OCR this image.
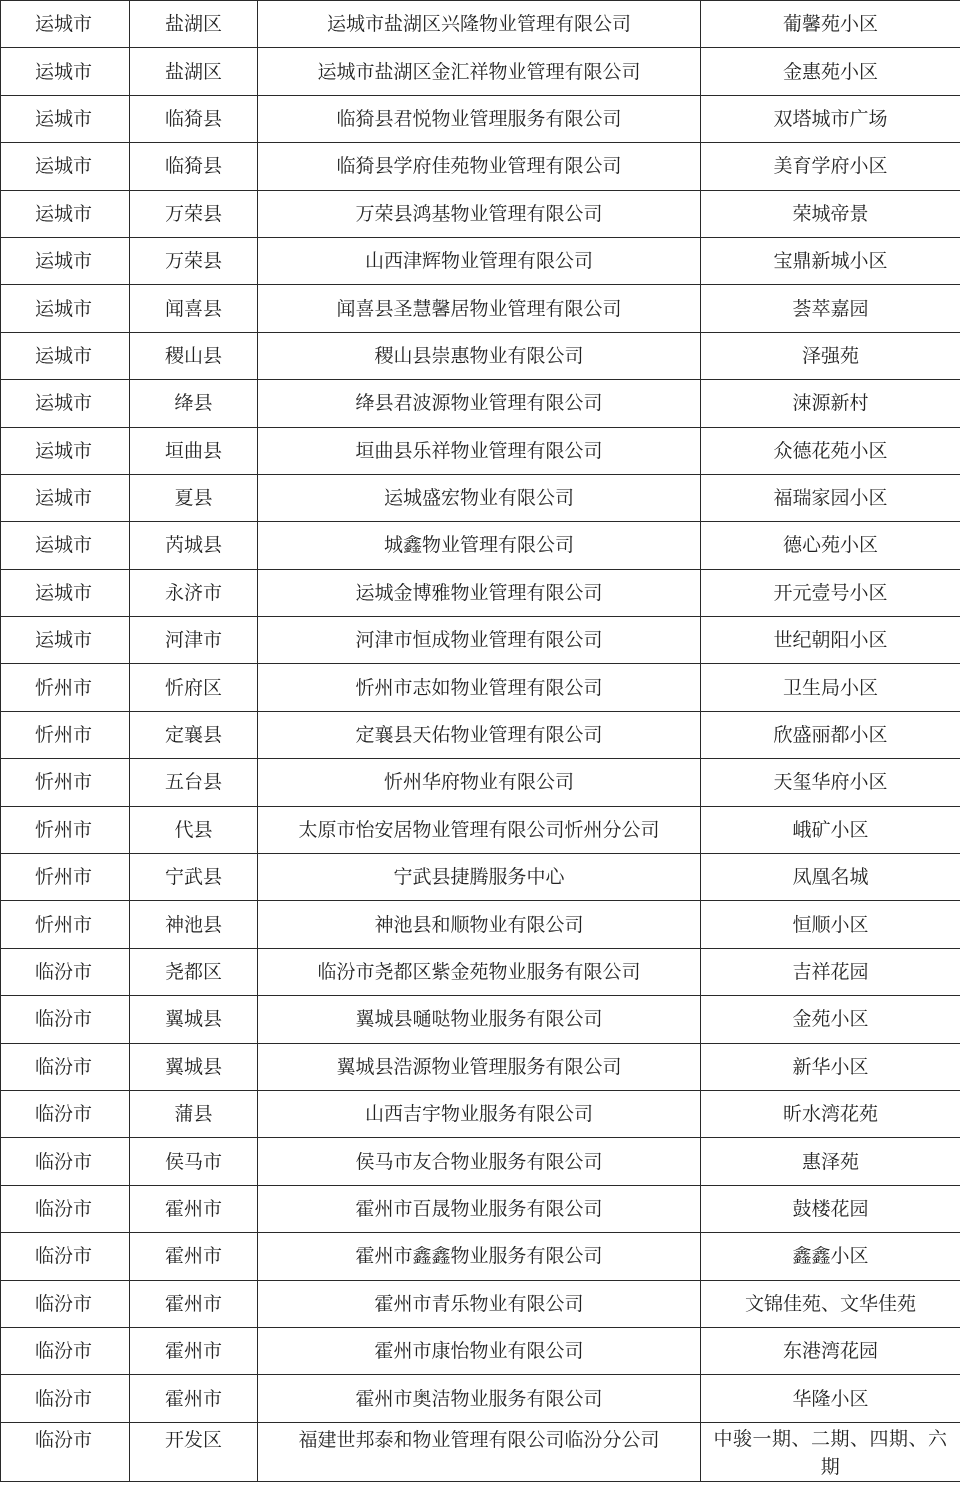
运城市	盐湖区	运城市盐湖区兴隆物业管理有限公司	葡馨苑小区
运城市	盐湖区	运城市盐湖区金汇祥物业管理有限公司	金惠苑小区
运城市	临猗县	临猗县君悦物业管理服务有限公司	双塔城市广场
运城市	临猗县	临猗县学府佳苑物业管理有限公司	美育学府小区
运城市	万荣县	万荣县鸿基物业管理有限公司	荣城帝景
运城市	万荣县	山西津辉物业管理有限公司	宝鼎新城小区
运城市	闻喜县	闻喜县圣慧馨居物业管理有限公司	荟萃嘉园
运城市	稷山县	稷山县崇惠物业有限公司	泽强苑
运城市	绛县	绛县君波源物业管理有限公司	涑源新村
运城市	垣曲县	垣曲县乐祥物业管理有限公司	众德花苑小区
运城市	夏县	运城盛宏物业有限公司	福瑞家园小区
运城市	芮城县	城鑫物业管理有限公司	德心苑小区
运城市	永济市	运城金博雅物业管理有限公司	开元壹号小区
运城市	河津市	河津市恒成物业管理有限公司	世纪朝阳小区
忻州市	忻府区	忻州市志如物业管理有限公司	卫生局小区
忻州市	定襄县	定襄县天佑物业管理有限公司	欣盛丽都小区
忻州市	五台县	忻州华府物业有限公司	天玺华府小区
忻州市	代县	太原市怡安居物业管理有限公司忻州分公司	峨矿小区
忻州市	宁武县	宁武县捷腾服务中心	凤凰名城
忻州市	神池县	神池县和顺物业有限公司	恒顺小区
临汾市	尧都区	临汾市尧都区紫金苑物业服务有限公司	吉祥花园
临汾市	翼城县	翼城县嗵哒物业服务有限公司	金苑小区
临汾市	翼城县	翼城县浩源物业管理服务有限公司	新华小区
临汾市	蒲县	山西吉宇物业服务有限公司	昕水湾花苑
临汾市	侯马市	侯马市友合物业服务有限公司	惠泽苑
临汾市	霍州市	霍州市百晟物业服务有限公司	鼓楼花园
临汾市	霍州市	霍州市鑫鑫物业服务有限公司	鑫鑫小区
临汾市	霍州市	霍州市青乐物业有限公司	文锦佳苑、文华佳苑
临汾市	霍州市	霍州市康怡物业有限公司	东港湾花园
临汾市	霍州市	霍州市奥洁物业服务有限公司	华隆小区
临汾市	开发区	福建世邦泰和物业管理有限公司临汾分公司	中骏一期、二期、四期、六期
